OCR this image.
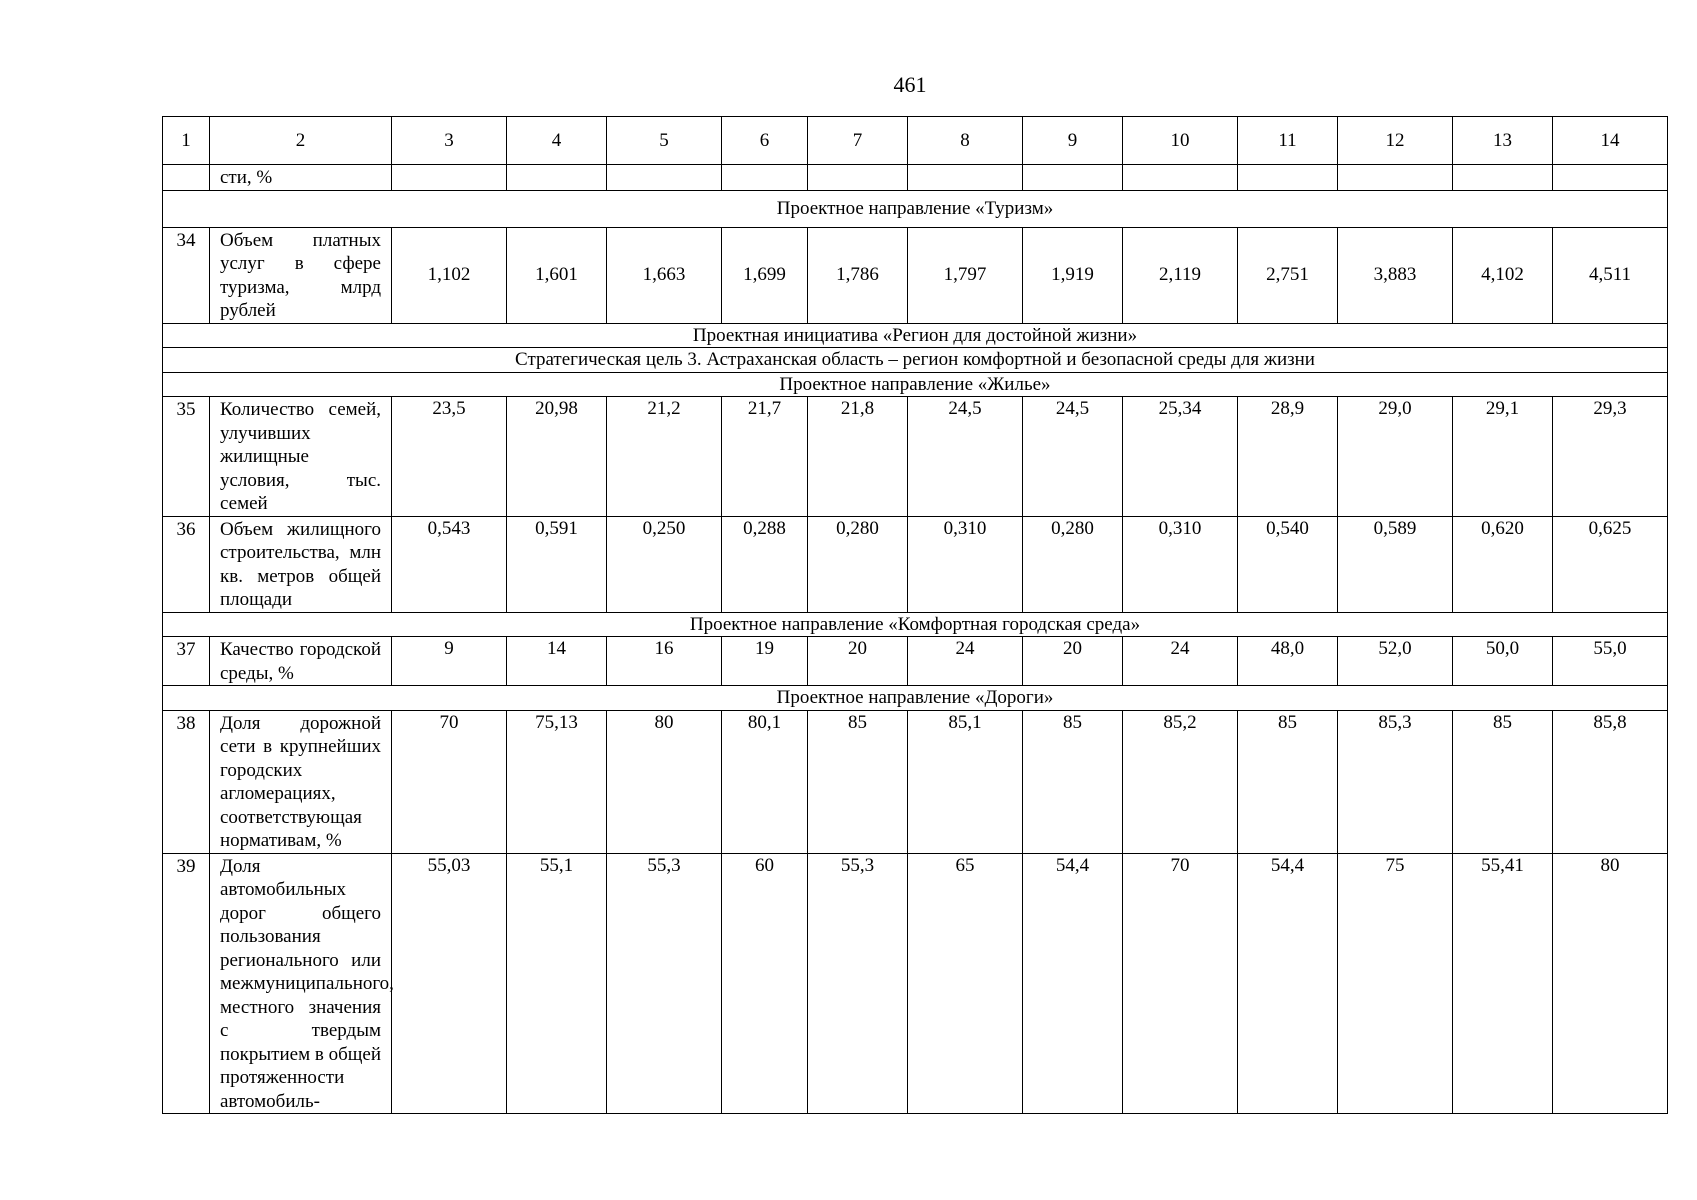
461
1	2	3	4	5	6	7	8	9	10	11	12	13	14
	сти, %												
Проектное направление «Туризм»													
34	Объем платных услуг в сфере туризма, млрд рублей	1,102	1,601	1,663	1,699	1,786	1,797	1,919	2,119	2,751	3,883	4,102	4,511
Проектная инициатива «Регион для достойной жизни»													
Стратегическая цель 3. Астраханская область – регион комфортной и безопасной среды для жизни													
Проектное направление «Жилье»													
35	Количество семей, улучивших жилищные условия, тыс. семей	23,5	20,98	21,2	21,7	21,8	24,5	24,5	25,34	28,9	29,0	29,1	29,3
36	Объем жилищного строительства, млн кв. метров общей площади	0,543	0,591	0,250	0,288	0,280	0,310	0,280	0,310	0,540	0,589	0,620	0,625
Проектное направление «Комфортная городская среда»													
37	Качество городской среды, %	9	14	16	19	20	24	20	24	48,0	52,0	50,0	55,0
Проектное направление «Дороги»													
38	Доля дорожной сети в крупнейших городских агломерациях, соответствующая нормативам, %	70	75,13	80	80,1	85	85,1	85	85,2	85	85,3	85	85,8
39	Доля автомобильных дорог общего пользования регионального или межмуниципального, местного значения с твердым покрытием в общей протяженности автомобиль-	55,03	55,1	55,3	60	55,3	65	54,4	70	54,4	75	55,41	80
